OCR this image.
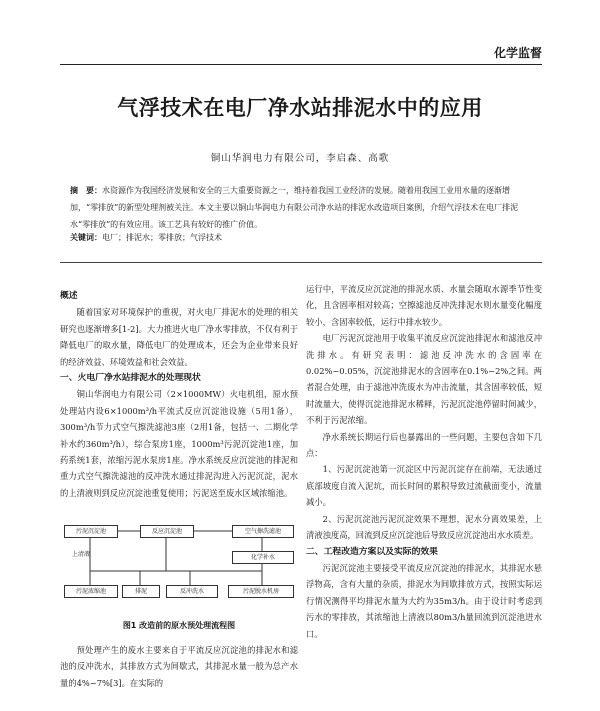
化学监督
气浮技术在电厂净水站排泥水中的应用
铜山华润电力有限公司，李启森、高歌
摘　要：水资源作为我国经济发展和安全的三大重要资源之一，维持着我国工业经济的发展。随着用我国工业用水量的逐渐增加，“零排放”的新型处理剂被关注。本文主要以铜山华润电力有限公司净水站的排泥水改造项目案例，介绍气浮技术在电厂排泥水“零排放”的有效应用。该工艺具有较好的推广价值。
关键词：电厂；排泥水；零排放；气浮技术
概述

随着国家对环境保护的重视，对火电厂排泥水的处理的相关研究也逐渐增多[1-2]。大力推进火电厂净水零排放，不仅有利于降低电厂的取水量，降低电厂的处理成本，还会为企业带来良好的经济效益、环境效益和社会效益。

一、火电厂净水站排泥水的处理现状

铜山华润电力有限公司（2×1000MW）火电机组，原水预处理站内设6×1000m³/h平流式反应沉淀池设施（5用1备），300m³/h节力式空气擦洗滤池3座（2用1备，包括一、二期化学补水约360m³/h），综合泵房1座，1000m³污泥沉淀池1座，加药系统1套，浓缩污泥水泵房1座。净水系统反应沉淀池的排泥和重力式空气擦洗滤池的反冲洗水通过排泥沟进入污泥沉淀，泥水的上清液则到反应沉淀池重复使用；污泥送至废水区域浓缩池。

污泥沉淀池	反应沉淀池	空气擦洗滤池
化学补水
上清液
污泥浓缩池	排泥	反冲洗水	污泥脱水机房
图1 改造前的原水预处理流程图

预处理产生的废水主要来自于平流反应沉淀池的排泥水和滤池的反冲洗水，其排放方式为间歇式，其排泥水量一般为总产水量的4%~7%[3]。在实际的

运行中，平流反应沉淀池的排泥水质、水量会随取水源季节性变化，且含固率相对较高；空擦滤池反冲洗排泥水则水量变化幅度较小，含固率较低，运行中排水较少。

电厂污泥沉淀池用于收集平流反应沉淀池排泥水和滤池反冲洗排水。有研究表明：滤池反冲洗水的含固率在0.02%~0.05%，沉淀池排泥水的含固率在0.1%~2%之间。两者混合处理，由于滤池冲洗废水为冲击流量，其含固率较低，短时流量大，使得沉淀池排泥水稀释，污泥沉淀池停留时间减少，不利于污泥浓缩。

净水系统长期运行后也暴露出的一些问题，主要包含如下几点：

1、污泥沉淀池第一沉淀区中污泥沉淀存在前端，无法通过底部坡度自流入泥坑，而长时间的累积导致过流截面变小，流量减小。

2、污泥沉淀池污泥沉淀效果不理想，泥水分离效果差，上清液浊度高，回流到反应沉淀池后导致反应沉淀池出水水质差。

二、工程改造方案以及实际的效果

污泥沉淀池主要接受平流反应沉淀池的排泥水，其排泥水悬浮物高，含有大量的杂质，排泥水为间歇排放方式，按照实际运行情况测得平均排泥水量为大约为35m3/h。由于设计时考虑到污水的零排放，其浓缩池上清液以80m3/h量回流到沉淀池进水口。
